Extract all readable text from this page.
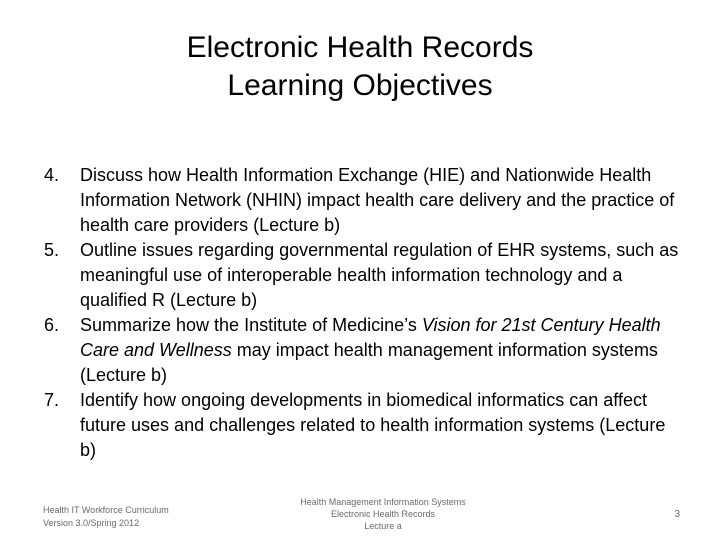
Electronic Health Records
Learning Objectives
4. Discuss how Health Information Exchange (HIE) and Nationwide Health Information Network (NHIN) impact health care delivery and the practice of health care providers (Lecture b)
5. Outline issues regarding governmental regulation of EHR systems, such as meaningful use of interoperable health information technology and a qualified R (Lecture b)
6. Summarize how the Institute of Medicine’s Vision for 21st Century Health Care and Wellness may impact health management information systems (Lecture b)
7. Identify how ongoing developments in biomedical informatics can affect future uses and challenges related to health information systems (Lecture b)
Health IT Workforce Curriculum
Version 3.0/Spring 2012
Health Management Information Systems
Electronic Health Records
Lecture a
3
